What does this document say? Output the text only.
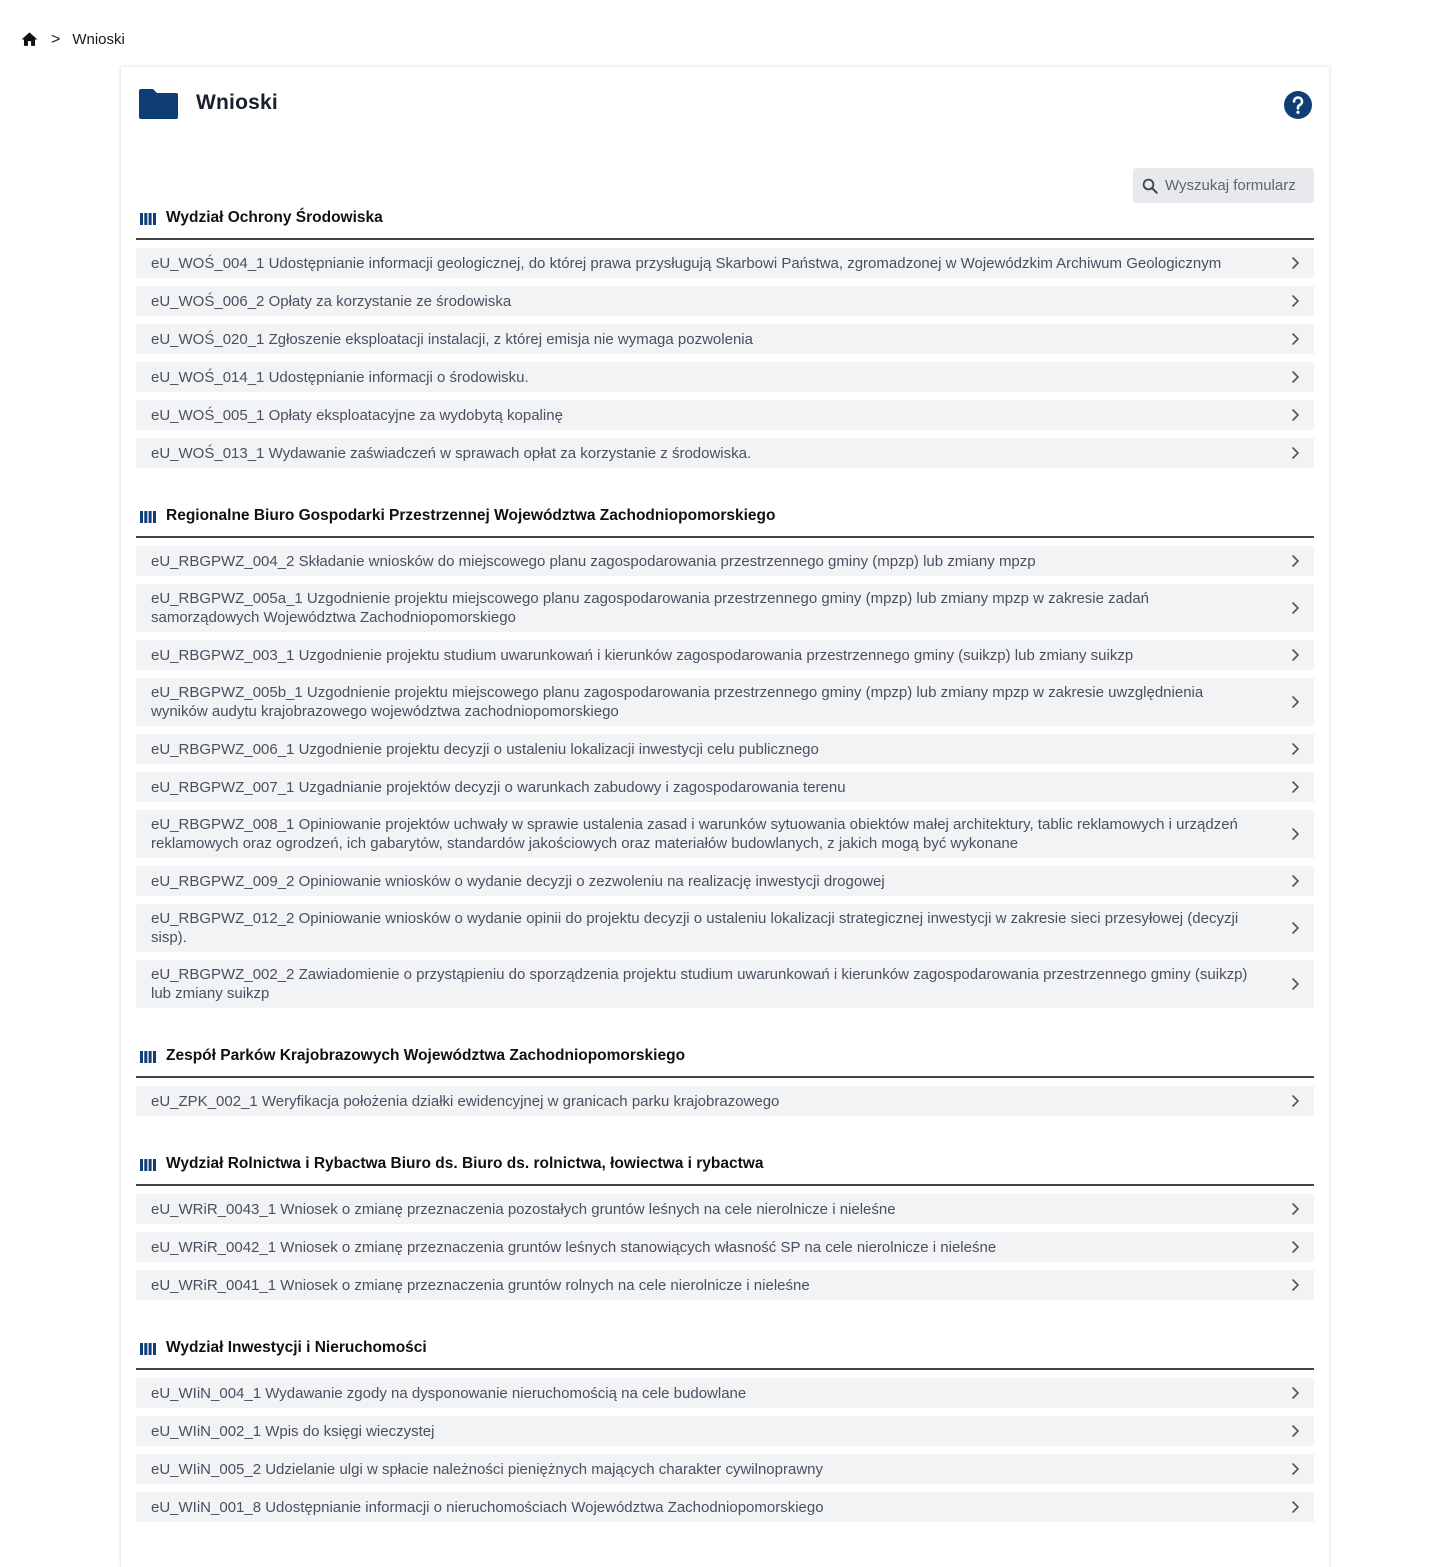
> Wnioski
Wnioski
Wyszukaj formularz
Wydział Ochrony Środowiska
eU_WOŚ_004_1 Udostępnianie informacji geologicznej, do której prawa przysługują Skarbowi Państwa, zgromadzonej w Wojewódzkim Archiwum Geologicznym
eU_WOŚ_006_2 Opłaty za korzystanie ze środowiska
eU_WOŚ_020_1 Zgłoszenie eksploatacji instalacji, z której emisja nie wymaga pozwolenia
eU_WOŚ_014_1 Udostępnianie informacji o środowisku.
eU_WOŚ_005_1 Opłaty eksploatacyjne za wydobytą kopalinę
eU_WOŚ_013_1 Wydawanie zaświadczeń w sprawach opłat za korzystanie z środowiska.
Regionalne Biuro Gospodarki Przestrzennej Województwa Zachodniopomorskiego
eU_RBGPWZ_004_2 Składanie wniosków do miejscowego planu zagospodarowania przestrzennego gminy (mpzp) lub zmiany mpzp
eU_RBGPWZ_005a_1 Uzgodnienie projektu miejscowego planu zagospodarowania przestrzennego gminy (mpzp) lub zmiany mpzp w zakresie zadań samorządowych Województwa Zachodniopomorskiego
eU_RBGPWZ_003_1 Uzgodnienie projektu studium uwarunkowań i kierunków zagospodarowania przestrzennego gminy (suikzp) lub zmiany suikzp
eU_RBGPWZ_005b_1 Uzgodnienie projektu miejscowego planu zagospodarowania przestrzennego gminy (mpzp) lub zmiany mpzp w zakresie uwzględnienia wyników audytu krajobrazowego województwa zachodniopomorskiego
eU_RBGPWZ_006_1 Uzgodnienie projektu decyzji o ustaleniu lokalizacji inwestycji celu publicznego
eU_RBGPWZ_007_1 Uzgadnianie projektów decyzji o warunkach zabudowy i zagospodarowania terenu
eU_RBGPWZ_008_1 Opiniowanie projektów uchwały w sprawie ustalenia zasad i warunków sytuowania obiektów małej architektury, tablic reklamowych i urządzeń reklamowych oraz ogrodzeń, ich gabarytów, standardów jakościowych oraz materiałów budowlanych, z jakich mogą być wykonane
eU_RBGPWZ_009_2 Opiniowanie wniosków o wydanie decyzji o zezwoleniu na realizację inwestycji drogowej
eU_RBGPWZ_012_2 Opiniowanie wniosków o wydanie opinii do projektu decyzji o ustaleniu lokalizacji strategicznej inwestycji w zakresie sieci przesyłowej (decyzji sisp).
eU_RBGPWZ_002_2 Zawiadomienie o przystąpieniu do sporządzenia projektu studium uwarunkowań i kierunków zagospodarowania przestrzennego gminy (suikzp) lub zmiany suikzp
Zespół Parków Krajobrazowych Województwa Zachodniopomorskiego
eU_ZPK_002_1 Weryfikacja położenia działki ewidencyjnej w granicach parku krajobrazowego
Wydział Rolnictwa i Rybactwa Biuro ds. Biuro ds. rolnictwa, łowiectwa i rybactwa
eU_WRiR_0043_1 Wniosek o zmianę przeznaczenia pozostałych gruntów leśnych na cele nierolnicze i nieleśne
eU_WRiR_0042_1 Wniosek o zmianę przeznaczenia gruntów leśnych stanowiących własność SP na cele nierolnicze i nieleśne
eU_WRiR_0041_1 Wniosek o zmianę przeznaczenia gruntów rolnych na cele nierolnicze i nieleśne
Wydział Inwestycji i Nieruchomości
eU_WIiN_004_1 Wydawanie zgody na dysponowanie nieruchomością na cele budowlane
eU_WIiN_002_1 Wpis do księgi wieczystej
eU_WIiN_005_2 Udzielanie ulgi w spłacie należności pieniężnych mających charakter cywilnoprawny
eU_WIiN_001_8 Udostępnianie informacji o nieruchomościach Województwa Zachodniopomorskiego
